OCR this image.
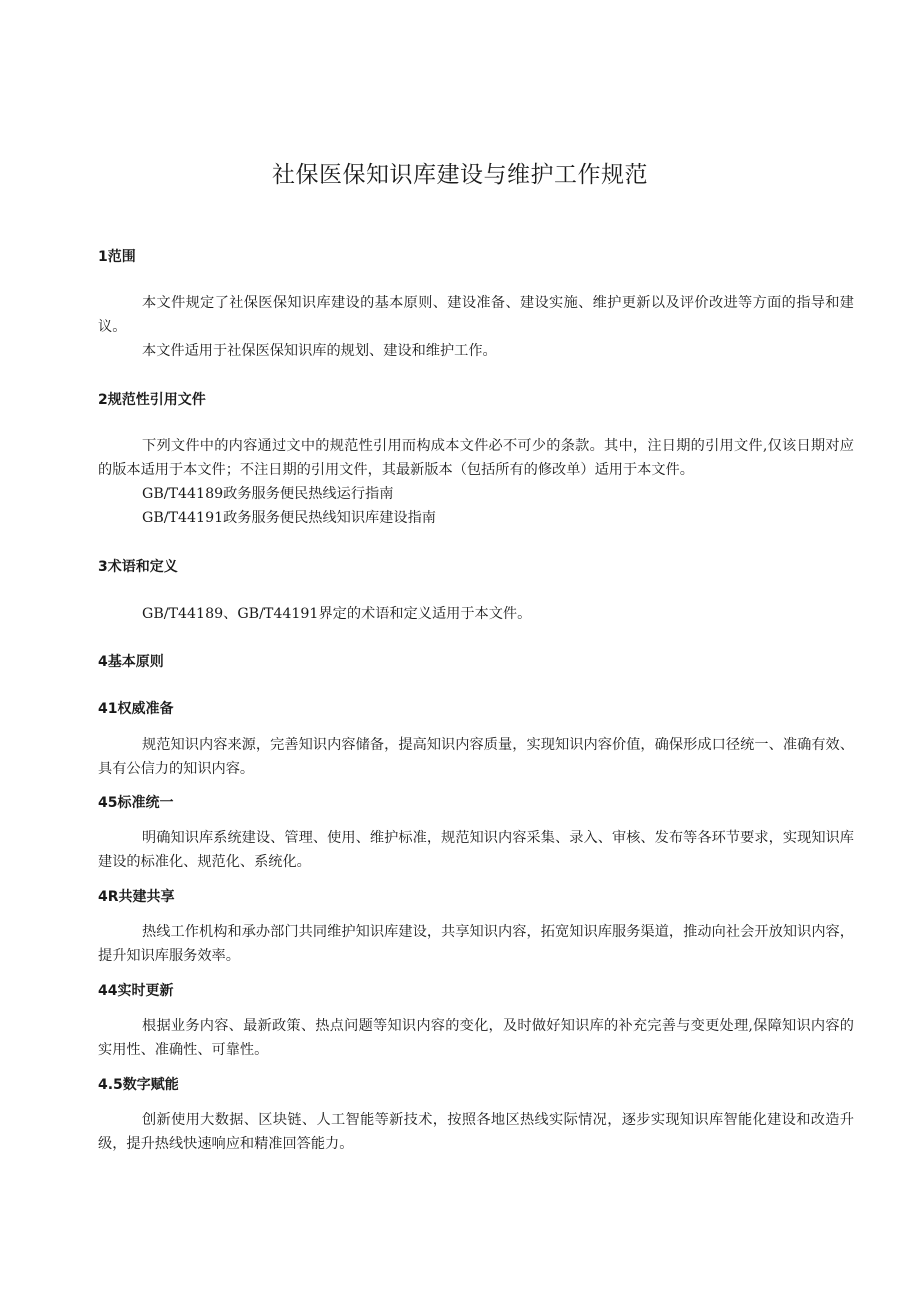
社保医保知识库建设与维护工作规范
1范围

本文件规定了社保医保知识库建设的基本原则、建设准备、建设实施、维护更新以及评价改进等方面的指导和建议。

本文件适用于社保医保知识库的规划、建设和维护工作。

2规范性引用文件

下列文件中的内容通过文中的规范性引用而构成本文件必不可少的条款。其中，注日期的引用文件,仅该日期对应的版本适用于本文件；不注日期的引用文件，其最新版本（包括所有的修改单）适用于本文件。

GB/T44189政务服务便民热线运行指南

GB/T44191政务服务便民热线知识库建设指南

3术语和定义

GB/T44189、GB/T44191界定的术语和定义适用于本文件。

4基本原则
41权威准备

规范知识内容来源，完善知识内容储备，提高知识内容质量，实现知识内容价值，确保形成口径统一、准确有效、具有公信力的知识内容。

45标准统一

明确知识库系统建设、管理、使用、维护标准，规范知识内容采集、录入、审核、发布等各环节要求，实现知识库建设的标准化、规范化、系统化。

4R共建共享

热线工作机构和承办部门共同维护知识库建设，共享知识内容，拓宽知识库服务渠道，推动向社会开放知识内容，提升知识库服务效率。

44实时更新

根据业务内容、最新政策、热点问题等知识内容的变化，及时做好知识库的补充完善与变更处理,保障知识内容的实用性、准确性、可靠性。

4.5数字赋能

创新使用大数据、区块链、人工智能等新技术，按照各地区热线实际情况，逐步实现知识库智能化建设和改造升级，提升热线快速响应和精准回答能力。
